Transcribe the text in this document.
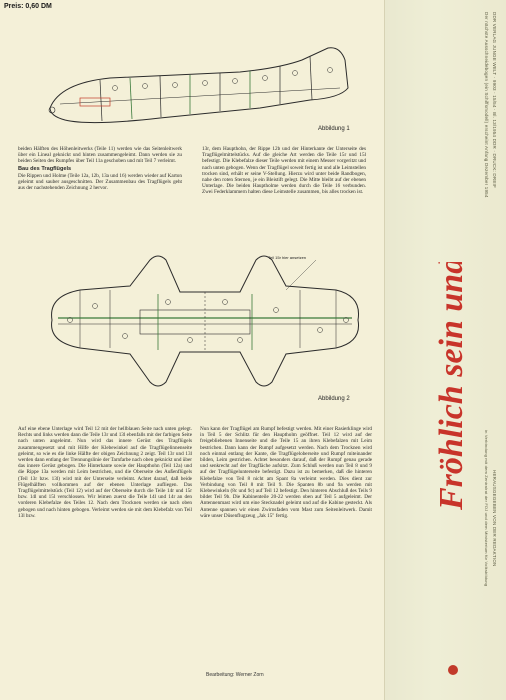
Preis: 0,60 DM
Abbildung 1

beiden Hälften des Höhenleitwerks (Teile 11) werden wie das Seitenleitwerk über ein Lineal geknickt und hinten zusammengeleimt. Dann werden sie zu beiden Seiten des Rumpfes über Teil 11a geschoben und mit Teil 7 verleimt.

Bau des Tragflügels

Die Rippen und Holme (Teile 12a, 12b, 13a und 16) werden wieder auf Karton geleimt und sauber ausgeschnitten. Der Zusammenbau des Tragflügels geht aus der nachstehenden Zeichnung 2 hervor.

13r, dem Haupthohn, der Rippe 12b und der Hinterkante der Unterseite des Tragflügelmittelstücks. Auf die gleiche Art werden die Teile 15r und 15l befestigt. Die Klebefalze dieser Teile werden mit einem Messer vorgeritzt und nach unten gebogen. Wenn der Tragflügel soweit fertig ist und alle Leimstellen trocken sind, erhält er seine V-Stellung. Hierzu wird unter beide Randbogen, nahe den roten Sternen, je ein Bleistift gelegt. Die Mitte bleibt auf der ebenen Unterlage. Die beiden Hauptholme werden durch die Teile 16 verbunden. Zwei Federklammern halten diese Leimstelle zusammen, bis alles trocken ist.

Teil 15r hier ansetzen
Abbildung 2

Auf eine ebene Unterlage wird Teil 12 mit der hellblauen Seite nach unten gelegt. Rechts und links werden dann die Teile 13r und 13l ebenfalls mit der farbigen Seite nach unten angeleimt. Nun wird das innere Gerüst des Tragflügels zusammengesetzt und mit Hilfe der Klebewinkel auf die Tragflügelinnenseite geleimt, so wie es die linke Hälfte der obigen Zeichnung 2 zeigt. Teil 13r und 13l werden dann entlang der Trennungslinie der Tarnfarbe nach oben geknickt und über das innere Gerüst gebogen. Die Hinterkante sowie der Haupthohn (Teil 12a) und die Rippe 13a werden mit Leim bestrichen, und die Oberseite des Außenflügels (Teil 13r bzw. 13l) wird mit der Unterseite verleimt. Achtet darauf, daß beide Flügelhälften vollkommen auf der ebenen Unterlage aufliegen. Das Tragflügelmittelstück (Teil 12) wird auf der Oberseite durch die Teile 14r und 15r bzw. 14l und 15l verschlossen. Wir leimen zuerst die Teile 14l und 14r an den vorderen Klebefalze des Teiles 12. Nach dem Trocknen werden sie nach oben gebogen und nach hinten gebogen. Verleimt werden sie mit dem Klebefalz von Teil 13l bzw.

Nun kann der Tragflügel am Rumpf befestigt werden. Mit einer Rasierklinge wird in Teil 5 der Schlitz für den Hauptholm geöffnet. Teil 12 wird auf der freigebliebenen Innenseite und die Teile 15 an ihren Klebefalzen mit Leim bestrichen. Dann kann der Rumpf aufgesetzt werden. Nach dem Trocknen wird noch einmal entlang der Kante, die Tragflügeloberseite und Rumpf miteinander bilden, Leim gestrichen. Achtet besonders darauf, daß der Rumpf genau gerade und senkrecht auf der Tragfläche aufsitzt. Zum Schluß werden nun Teil 8 und 9 auf der Tragflügelunterseite befestigt. Dazu ist zu bemerken, daß die hinteren Klebefalze von Teil 8 nicht am Spant 8a verleimt werden. Dies dient zur Verbindung von Teil 8 mit Teil 9. Die Spanten 8b und 9a werden mit Klebewinkeln (8c und 9c) auf Teil 12 befestigt. Den hinteren Abschluß des Teils 9 bildet Teil 9b. Die Kabinenteile 20-22 werden oben auf Teil 5 aufgeleimt. Der Antennenmast wird um eine Stecknadel geleimt und auf die Kabine gesteckt. Als Antenne spannen wir einen Zwirnsfaden vom Mast zum Seitenleitwerk. Damit wäre unser Düsenflugzeug „Jak 15" fertig.

Bearbeitung: Werner Zorn
DDR VERLAG JUNGE WELT · 9903 · 15/54 · Bl. 13/1954 DDR · DRUCK: DREIF
Der nächste Ausschneidebogen (ein Schiffsmodell) erscheint Anfang Dezember 1954
HERAUSGEGEBEN VON DER REDAKTION
in Verbindung mit dem Zentralrat der FDJ und dem Ministerium für Volksbildung
Fröhlich sein und singen
